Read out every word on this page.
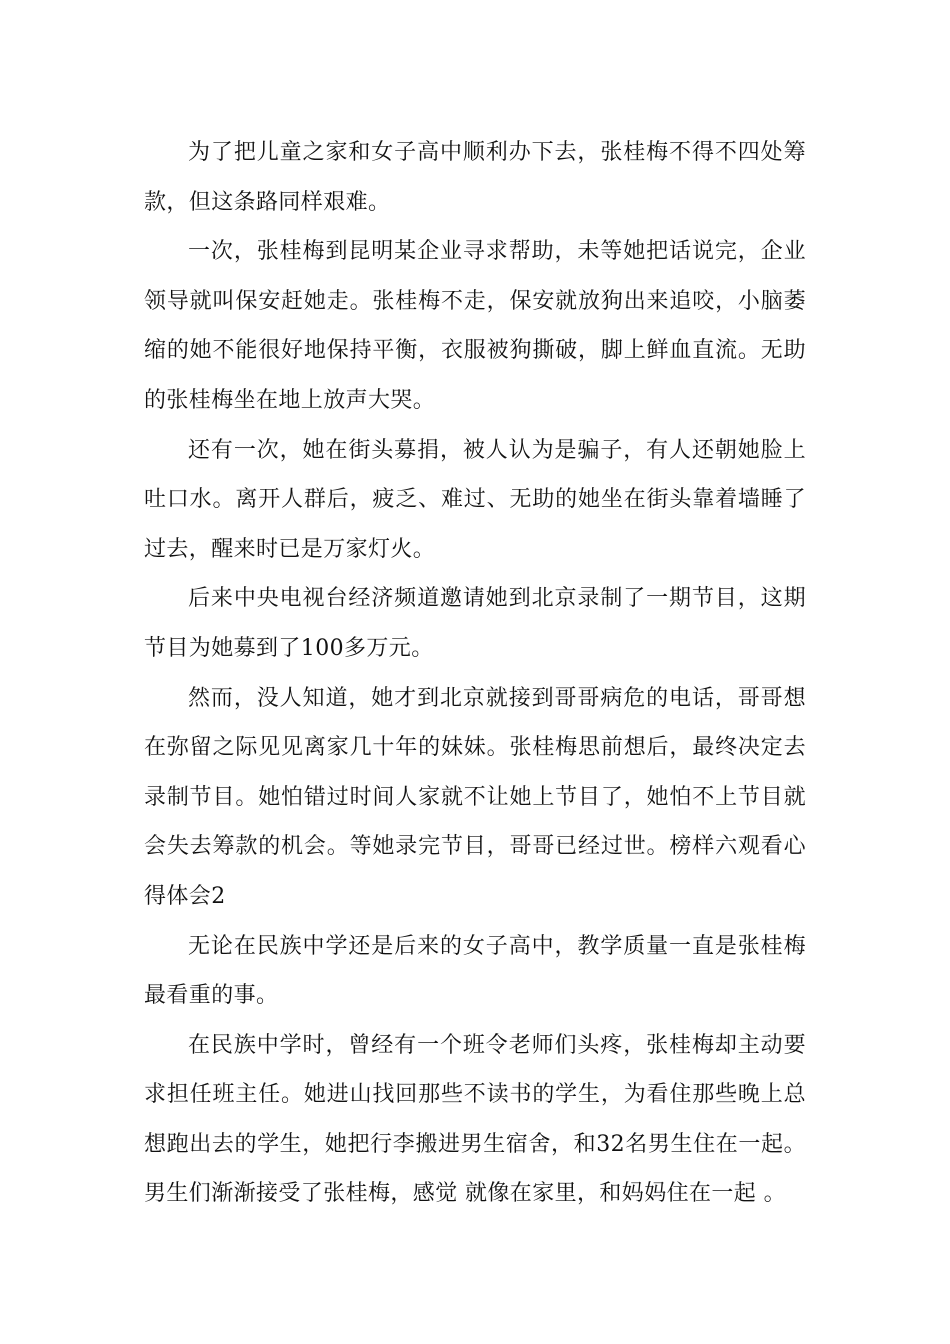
为了把儿童之家和女子高中顺利办下去，张桂梅不得不四处筹款，但这条路同样艰难。

一次，张桂梅到昆明某企业寻求帮助，未等她把话说完，企业领导就叫保安赶她走。张桂梅不走，保安就放狗出来追咬，小脑萎缩的她不能很好地保持平衡，衣服被狗撕破，脚上鲜血直流。无助的张桂梅坐在地上放声大哭。

还有一次，她在街头募捐，被人认为是骗子，有人还朝她脸上吐口水。离开人群后，疲乏、难过、无助的她坐在街头靠着墙睡了过去，醒来时已是万家灯火。

后来中央电视台经济频道邀请她到北京录制了一期节目，这期节目为她募到了100多万元。

然而，没人知道，她才到北京就接到哥哥病危的电话，哥哥想在弥留之际见见离家几十年的妹妹。张桂梅思前想后，最终决定去录制节目。她怕错过时间人家就不让她上节目了，她怕不上节目就会失去筹款的机会。等她录完节目，哥哥已经过世。榜样六观看心得体会2

无论在民族中学还是后来的女子高中，教学质量一直是张桂梅最看重的事。

在民族中学时，曾经有一个班令老师们头疼，张桂梅却主动要求担任班主任。她进山找回那些不读书的学生，为看住那些晚上总想跑出去的学生，她把行李搬进男生宿舍，和32名男生住在一起。男生们渐渐接受了张桂梅，感觉 就像在家里，和妈妈住在一起 。
